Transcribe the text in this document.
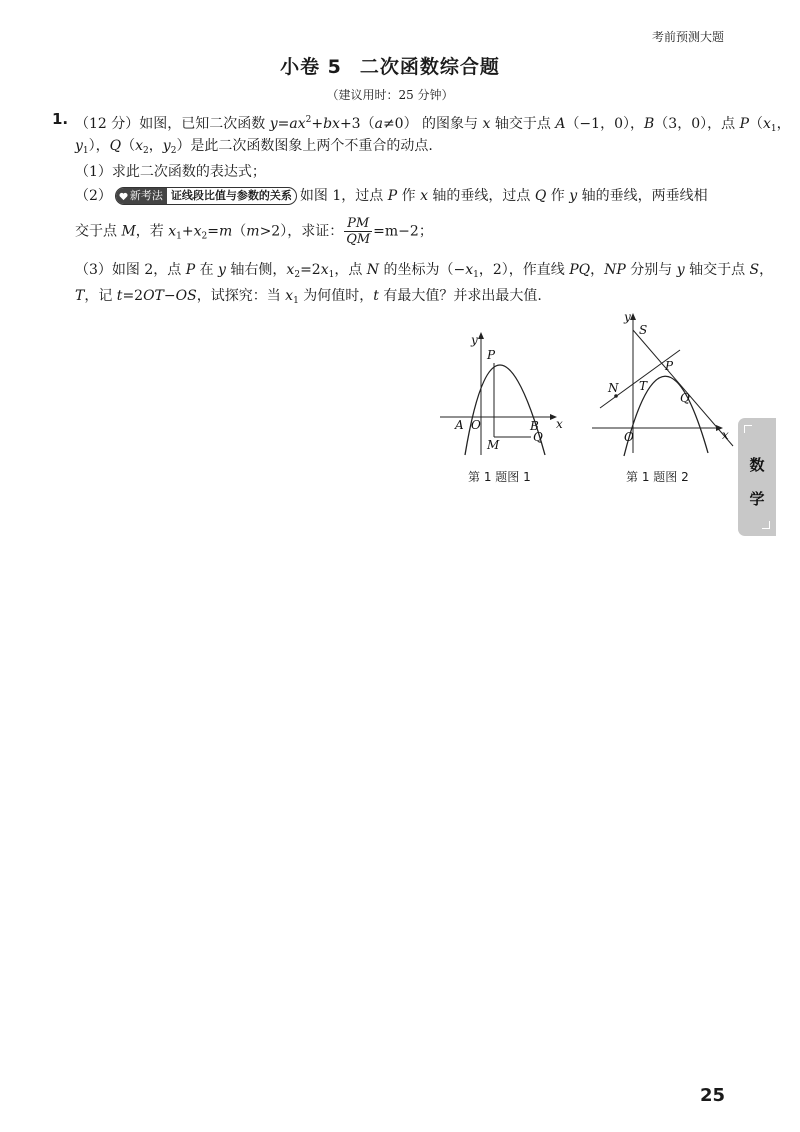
考前预测大题
小卷 5 二次函数综合题
（建议用时：25 分钟）
1. （12 分）如图，已知二次函数 $y=ax^2+bx+3(a\ne 0)$ 的图象与 x 轴交于点 A（−1，0），B（3，0），点 $P(x_1$，
$y_1$），$Q(x_2$，$y_2$）是此二次函数图象上两个不重合的动点.
（1）求此二次函数的表达式；
（2） 新考法 证线段比值与参数的关系 如图 1，过点 P 作 x 轴的垂线，过点 Q 作 y 轴的垂线，两垂线相
交于点 M，若 $x_1+x_2=m(m>2)$，求证： $\frac{PM}{QM} =m-2$；
（3）如图 2，点 P 在 y 轴右侧，$x_2=2x_1$，点 N 的坐标为（$-x_1$，2），作直线 PQ，NP 分别与 y 轴交于点 S，
T，记 t=2OT−OS，试探究：当 $x_1$ 为何值时，t 有最大值？并求出最大值.
y
x
P
A O	B
M
Q
第 1 题图 1
y
x
S
N T
P
Q
O
第 1 题图 2
数
学
25
